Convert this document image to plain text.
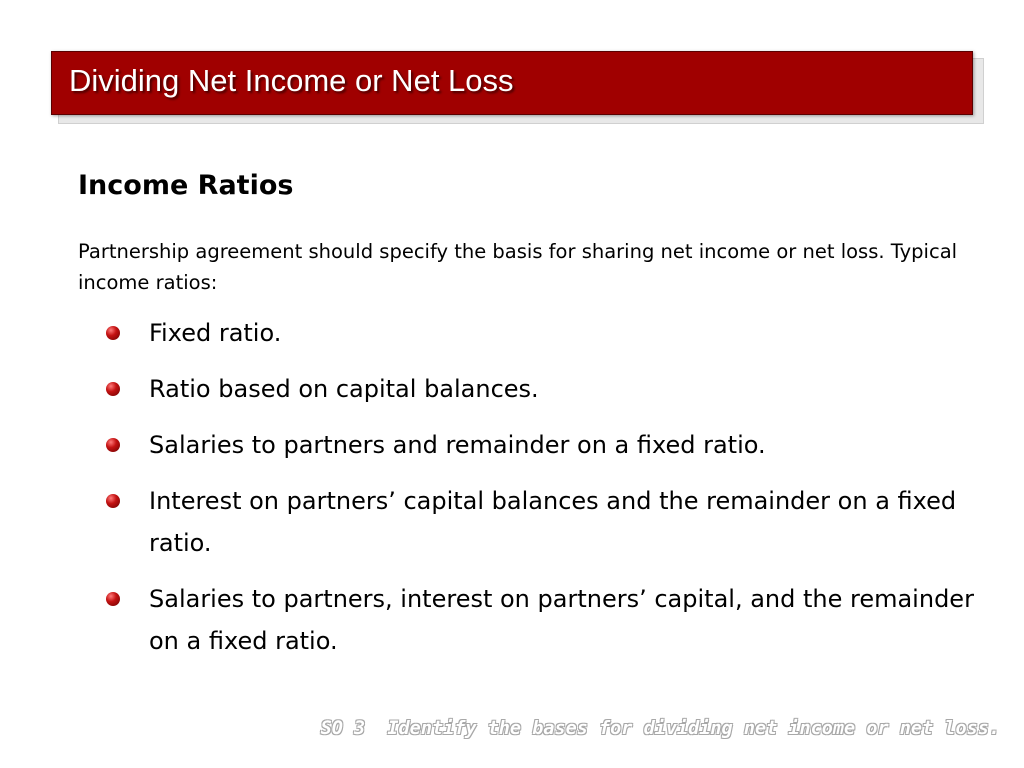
Dividing Net Income or Net Loss
Income Ratios
Partnership agreement should specify the basis for sharing net income or net loss. Typical income ratios:
Fixed ratio.
Ratio based on capital balances.
Salaries to partners and remainder on a fixed ratio.
Interest on partners’ capital balances and the remainder on a fixed ratio.
Salaries to partners, interest on partners’ capital, and the remainder on a fixed ratio.
SO 3  Identify the bases for dividing net income or net loss.
